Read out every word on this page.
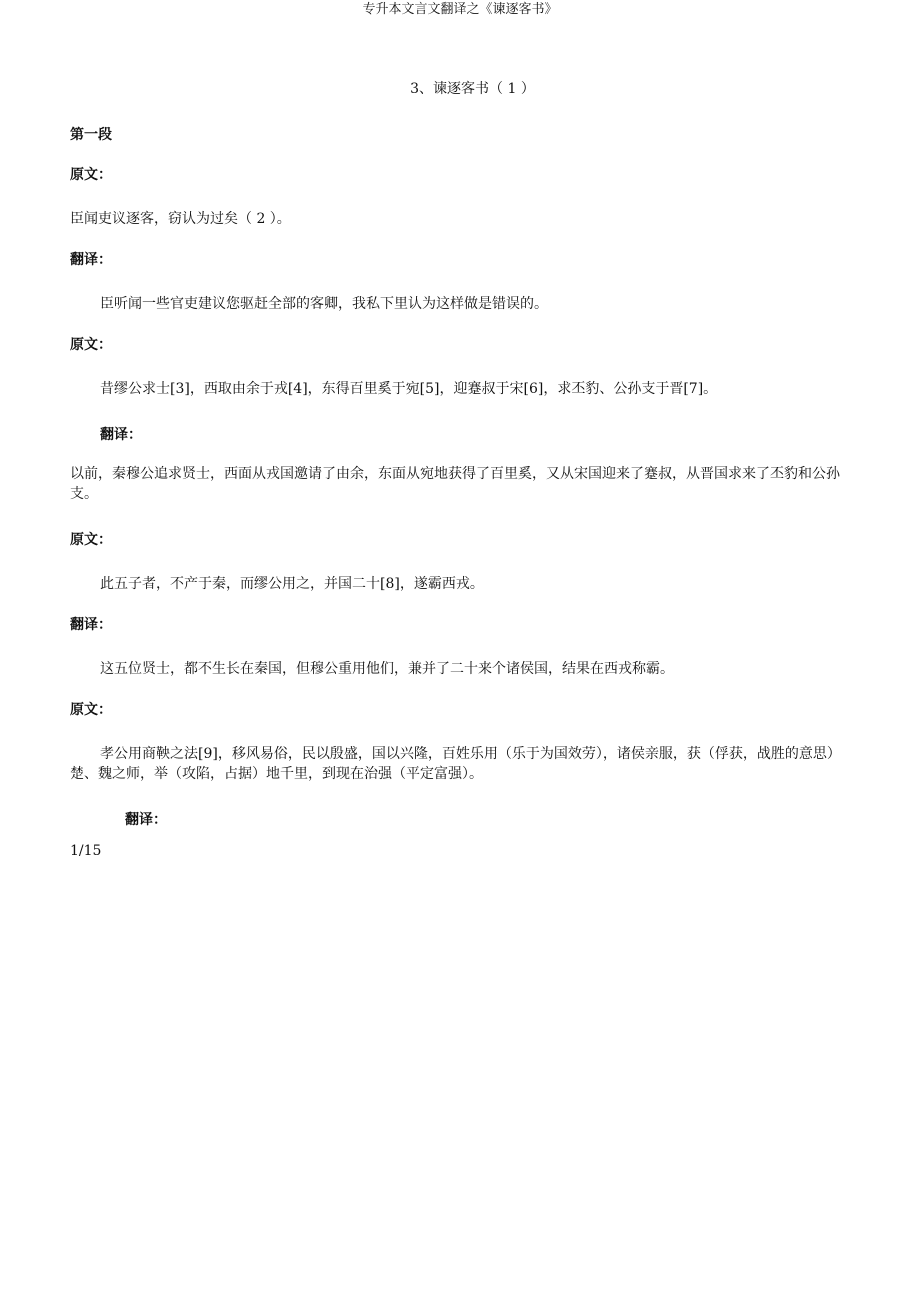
专升本文言文翻译之《谏逐客书》
3、谏逐客书（ 1 ）
第一段
原文：
臣闻吏议逐客，窃认为过矣（ 2 ）。
翻译：
臣听闻一些官吏建议您驱赶全部的客卿，我私下里认为这样做是错误的。
原文：
昔缪公求士[3]，西取由余于戎[4]，东得百里奚于宛[5]，迎蹇叔于宋[6]，求丕豹、公孙支于晋[7]。
翻译：
以前，秦穆公追求贤士，西面从戎国邀请了由余，东面从宛地获得了百里奚，又从宋国迎来了蹇叔，从晋国求来了丕豹和公孙支。
原文：
此五子者，不产于秦，而缪公用之，并国二十[8]，遂霸西戎。
翻译：
这五位贤士，都不生长在秦国，但穆公重用他们，兼并了二十来个诸侯国，结果在西戎称霸。
原文：
孝公用商鞅之法[9]，移风易俗，民以殷盛，国以兴隆，百姓乐用（乐于为国效劳），诸侯亲服，获（俘获，战胜的意思）楚、魏之师，举（攻陷，占据）地千里，到现在治强（平定富强）。
翻译：
1/15
